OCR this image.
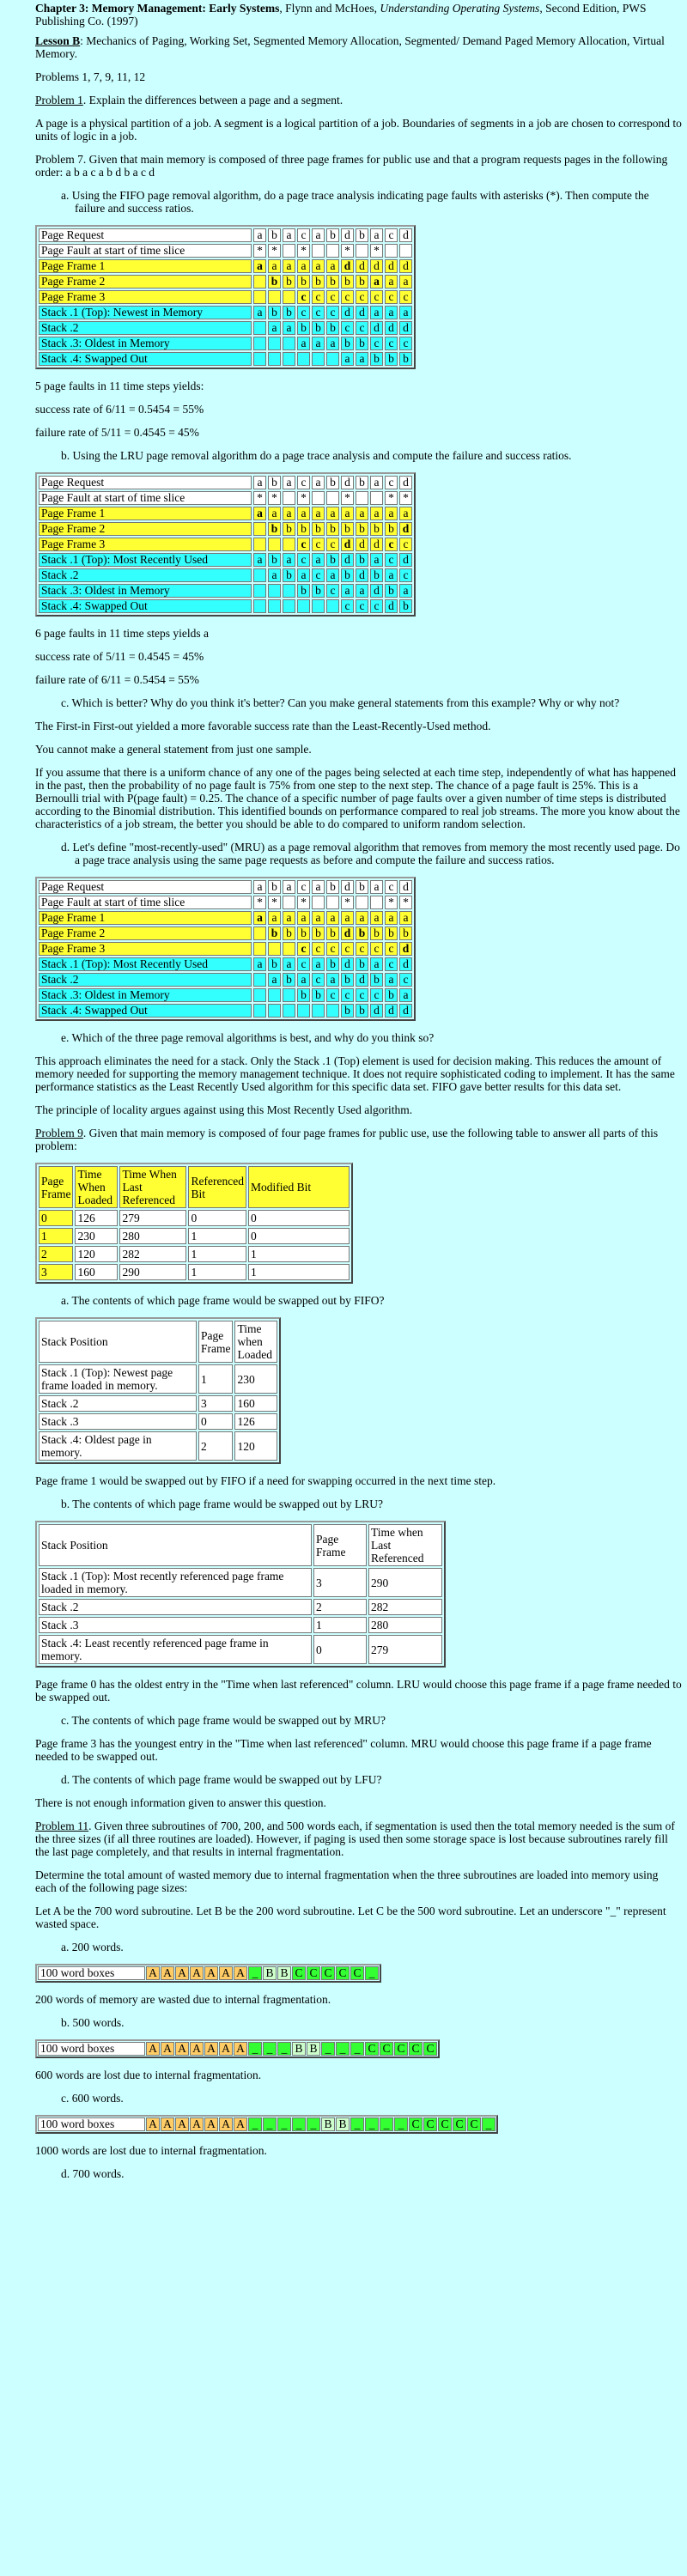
Chapter 3: Memory Management: Early Systems, Flynn and McHoes, Understanding Operating Systems, Second Edition, PWS Publishing Co. (1997)

Lesson B: Mechanics of Paging, Working Set, Segmented Memory Allocation, Segmented/ Demand Paged Memory Allocation, Virtual Memory.

Problems 1, 7, 9, 11, 12

Problem 1. Explain the differences between a page and a segment.

A page is a physical partition of a job. A segment is a logical partition of a job. Boundaries of segments in a job are chosen to correspond to units of logic in a job.

Problem 7. Given that main memory is composed of three page frames for public use and that a program requests pages in the following order: a b a c a b d b a c d

a. Using the FIFO page removal algorithm, do a page trace analysis indicating page faults with asterisks (*). Then compute the failure and success ratios.

Page Request	a	b	a	c	a	b	d	b	a	c	d
Page Fault at start of time slice	*	*		*			*		*		
Page Frame 1	a	a	a	a	a	a	d	d	d	d	d
Page Frame 2		b	b	b	b	b	b	b	a	a	a
Page Frame 3				c	c	c	c	c	c	c	c
Stack .1 (Top): Newest in Memory	a	b	b	c	c	c	d	d	a	a	a
Stack .2		a	a	b	b	b	c	c	d	d	d
Stack .3: Oldest in Memory				a	a	a	b	b	c	c	c
Stack .4: Swapped Out							a	a	b	b	b

5 page faults in 11 time steps yields:

success rate of 6/11 = 0.5454 = 55%

failure rate of 5/11 = 0.4545 = 45%

b. Using the LRU page removal algorithm do a page trace analysis and compute the failure and success ratios.

Page Request	a	b	a	c	a	b	d	b	a	c	d
Page Fault at start of time slice	*	*		*			*			*	*
Page Frame 1	a	a	a	a	a	a	a	a	a	a	a
Page Frame 2		b	b	b	b	b	b	b	b	b	d
Page Frame 3				c	c	c	d	d	d	c	c
Stack .1 (Top): Most Recently Used	a	b	a	c	a	b	d	b	a	c	d
Stack .2		a	b	a	c	a	b	d	b	a	c
Stack .3: Oldest in Memory				b	b	c	a	a	d	b	a
Stack .4: Swapped Out							c	c	c	d	b

6 page faults in 11 time steps yields a

success rate of 5/11 = 0.4545 = 45%

failure rate of 6/11 = 0.5454 = 55%

c. Which is better? Why do you think it's better? Can you make general statements from this example? Why or why not?

The First-in First-out yielded a more favorable success rate than the Least-Recently-Used method.

You cannot make a general statement from just one sample.

If you assume that there is a uniform chance of any one of the pages being selected at each time step, independently of what has happened in the past, then the probability of no page fault is 75% from one step to the next step. The chance of a page fault is 25%. This is a Bernoulli trial with P(page fault) = 0.25. The chance of a specific number of page faults over a given number of time steps is distributed according to the Binomial distribution. This identified bounds on performance compared to real job streams. The more you know about the characteristics of a job stream, the better you should be able to do compared to uniform random selection.

d. Let's define "most-recently-used" (MRU) as a page removal algorithm that removes from memory the most recently used page. Do a page trace analysis using the same page requests as before and compute the failure and success ratios.

Page Request	a	b	a	c	a	b	d	b	a	c	d
Page Fault at start of time slice	*	*		*			*			*	*
Page Frame 1	a	a	a	a	a	a	a	a	a	a	a
Page Frame 2		b	b	b	b	b	d	b	b	b	b
Page Frame 3				c	c	c	c	c	c	c	d
Stack .1 (Top): Most Recently Used	a	b	a	c	a	b	d	b	a	c	d
Stack .2		a	b	a	c	a	b	d	b	a	c
Stack .3: Oldest in Memory				b	b	c	c	c	c	b	a
Stack .4: Swapped Out							b	b	d	d	d

e. Which of the three page removal algorithms is best, and why do you think so?

This approach eliminates the need for a stack. Only the Stack .1 (Top) element is used for decision making. This reduces the amount of memory needed for supporting the memory management technique. It does not require sophisticated coding to implement. It has the same performance statistics as the Least Recently Used algorithm for this specific data set. FIFO gave better results for this data set.

The principle of locality argues against using this Most Recently Used algorithm.

Problem 9. Given that main memory is composed of four page frames for public use, use the following table to answer all parts of this problem:

Page Frame	Time When Loaded	Time When Last Referenced	Referenced Bit	Modified Bit
0	126	279	0	0
1	230	280	1	0
2	120	282	1	1
3	160	290	1	1

a. The contents of which page frame would be swapped out by FIFO?

Stack Position	Page Frame	Time when Loaded
Stack .1 (Top): Newest page frame loaded in memory.	1	230
Stack .2	3	160
Stack .3	0	126
Stack .4: Oldest page in memory.	2	120

Page frame 1 would be swapped out by FIFO if a need for swapping occurred in the next time step.

b. The contents of which page frame would be swapped out by LRU?

Stack Position	Page Frame	Time when Last Referenced
Stack .1 (Top): Most recently referenced page frame loaded in memory.	3	290
Stack .2	2	282
Stack .3	1	280
Stack .4: Least recently referenced page frame in memory.	0	279

Page frame 0 has the oldest entry in the "Time when last referenced" column. LRU would choose this page frame if a page frame needed to be swapped out.

c. The contents of which page frame would be swapped out by MRU?

Page frame 3 has the youngest entry in the "Time when last referenced" column. MRU would choose this page frame if a page frame needed to be swapped out.

d. The contents of which page frame would be swapped out by LFU?

There is not enough information given to answer this question.

Problem 11. Given three subroutines of 700, 200, and 500 words each, if segmentation is used then the total memory needed is the sum of the three sizes (if all three routines are loaded). However, if paging is used then some storage space is lost because subroutines rarely fill the last page completely, and that results in internal fragmentation.

Determine the total amount of wasted memory due to internal fragmentation when the three subroutines are loaded into memory using each of the following page sizes:

Let A be the 700 word subroutine. Let B be the 200 word subroutine. Let C be the 500 word subroutine. Let an underscore "_" represent wasted space.

a. 200 words.

100 word boxes	A	A	A	A	A	A	A	_	B	B	C	C	C	C	C	_

200 words of memory are wasted due to internal fragmentation.

b. 500 words.

100 word boxes	A	A	A	A	A	A	A	_	_	_	B	B	_	_	_	C	C	C	C	C

600 words are lost due to internal fragmentation.

c. 600 words.

100 word boxes	A	A	A	A	A	A	A	_	_	_	_	_	B	B	_	_	_	_	C	C	C	C	C	_

1000 words are lost due to internal fragmentation.

d. 700 words.
